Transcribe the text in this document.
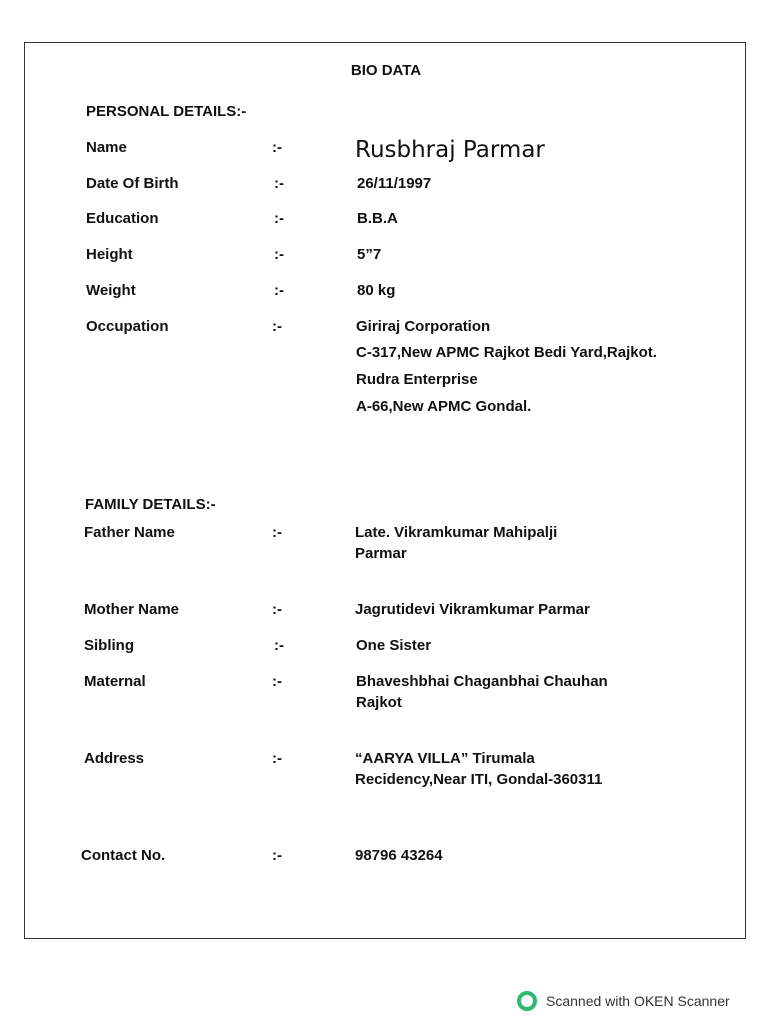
BIO DATA
PERSONAL DETAILS:-
Name	:-	Rusbhraj Parmar
Date Of Birth	:-	26/11/1997
Education	:-	B.B.A
Height	:-	5”7
Weight	:-	80 kg
Occupation	:-	Giriraj Corporation
C-317,New APMC Rajkot Bedi Yard,Rajkot.
Rudra Enterprise
A-66,New APMC Gondal.
FAMILY DETAILS:-
Father Name	:-	Late. Vikramkumar Mahipalji
Parmar
Mother Name	:-	Jagrutidevi Vikramkumar Parmar
Sibling	:-	One Sister
Maternal	:-	Bhaveshbhai Chaganbhai Chauhan
Rajkot
Address	:-	“AARYA VILLA” Tirumala
Recidency,Near ITI, Gondal-360311
Contact No.	:-	98796 43264
Scanned with OKEN Scanner
